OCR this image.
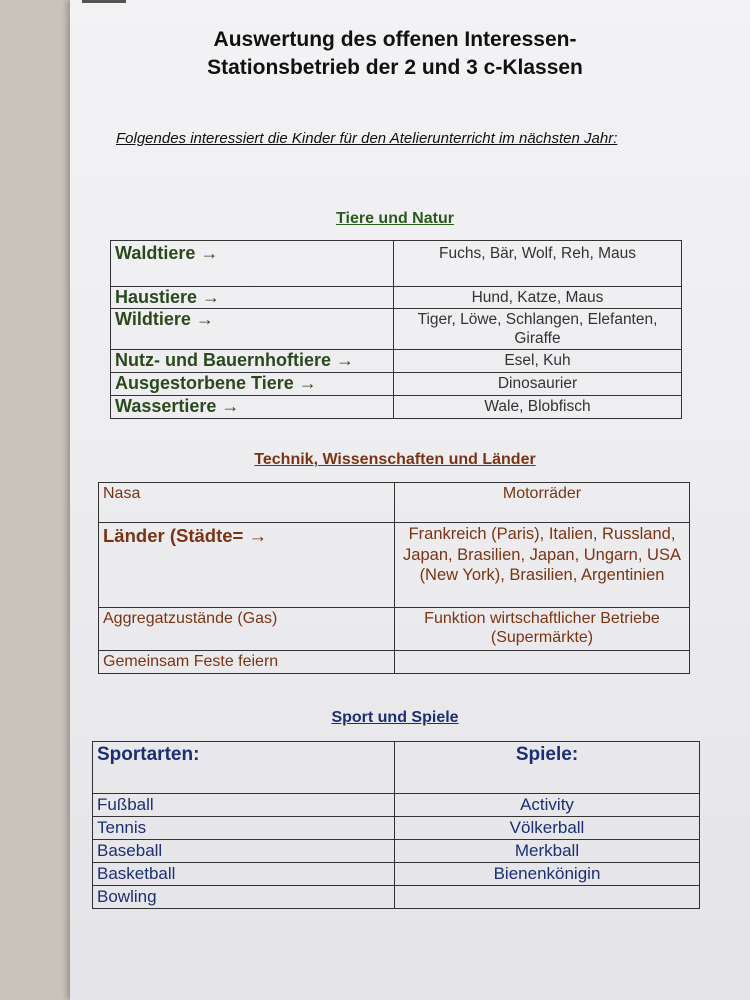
Auswertung des offenen Interessen-
Stationsbetrieb der 2 und 3 c-Klassen
Folgendes interessiert die Kinder für den Atelierunterricht im nächsten Jahr:
Tiere und Natur
Waldtiere →	Fuchs, Bär, Wolf, Reh, Maus
Haustiere →	Hund, Katze, Maus
Wildtiere →	Tiger, Löwe, Schlangen, Elefanten, Giraffe
Nutz- und Bauernhoftiere →	Esel, Kuh
Ausgestorbene Tiere →	Dinosaurier
Wassertiere →	Wale, Blobfisch
Technik, Wissenschaften und Länder
Nasa	Motorräder
Länder (Städte= →	Frankreich (Paris), Italien, Russland, Japan, Brasilien, Japan, Ungarn, USA (New York), Brasilien, Argentinien
Aggregatzustände (Gas)	Funktion wirtschaftlicher Betriebe (Supermärkte)
Gemeinsam Feste feiern	
Sport und Spiele
Sportarten:	Spiele:
Fußball	Activity
Tennis	Völkerball
Baseball	Merkball
Basketball	Bienenkönigin
Bowling	
